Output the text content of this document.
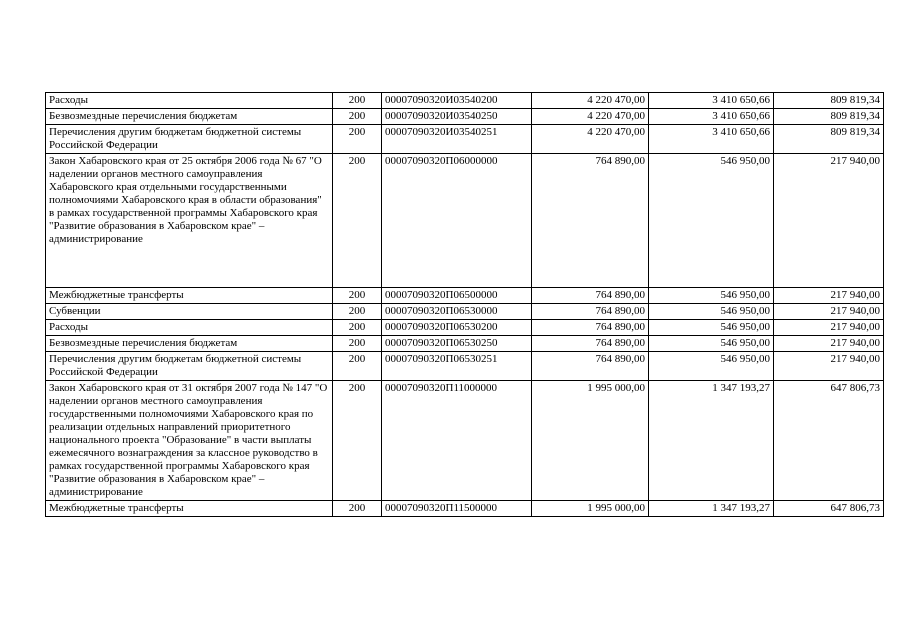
Расходы	200	00007090320И03540200	4 220 470,00	3 410 650,66	809 819,34
Безвозмездные перечисления бюджетам	200	00007090320И03540250	4 220 470,00	3 410 650,66	809 819,34
Перечисления другим бюджетам бюджетной системы Российской Федерации	200	00007090320И03540251	4 220 470,00	3 410 650,66	809 819,34
Закон Хабаровского края от 25 октября 2006 года № 67 "О наделении органов местного самоуправления Хабаровского края отдельными государственными полномочиями Хабаровского края в области образования" в рамках государственной программы Хабаровского края "Развитие образования в Хабаровском крае" – администрирование	200	00007090320П06000000	764 890,00	546 950,00	217 940,00
Межбюджетные трансферты	200	00007090320П06500000	764 890,00	546 950,00	217 940,00
Субвенции	200	00007090320П06530000	764 890,00	546 950,00	217 940,00
Расходы	200	00007090320П06530200	764 890,00	546 950,00	217 940,00
Безвозмездные перечисления бюджетам	200	00007090320П06530250	764 890,00	546 950,00	217 940,00
Перечисления другим бюджетам бюджетной системы Российской Федерации	200	00007090320П06530251	764 890,00	546 950,00	217 940,00
Закон Хабаровского края от 31 октября 2007 года № 147 "О наделении органов местного самоуправления государственными полномочиями Хабаровского края по реализации отдельных направлений приоритетного национального проекта "Образование" в части выплаты ежемесячного вознаграждения за классное руководство в рамках государственной программы Хабаровского края "Развитие образования в Хабаровском крае" – администрирование	200	00007090320П11000000	1 995 000,00	1 347 193,27	647 806,73
Межбюджетные трансферты	200	00007090320П11500000	1 995 000,00	1 347 193,27	647 806,73
